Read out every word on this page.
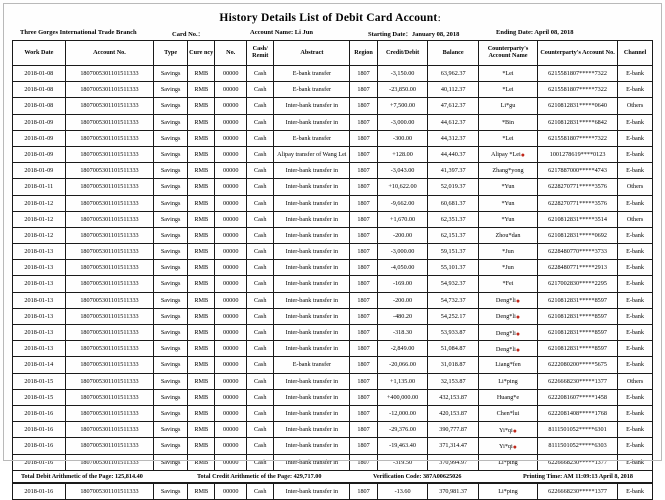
History Details List of Debit Card Account：
Three Gorges International Trade Branch	Card No.：	Account Name: Li Jun	Starting Date：January 08, 2018	Ending Date: April 08, 2018
Work Date	Account No.	Type	Cure ncy	No.	Cash/ Remit	Abstract	Region	Credit/Debit	Balance	Counterparty's Account Name	Counterparty's Account No.	Channel
2018-01-08	1807005301101511333	Savings	RMB	00000	Cash	E-bank transfer	1807	-3,150.00	63,962.37	*Lei	6215581807*****7322	E-bank
2018-01-08	1807005301101511333	Savings	RMB	00000	Cash	E-bank transfer	1807	-23,850.00	40,112.37	*Lei	6215581807*****7322	E-bank
2018-01-08	1807005301101511333	Savings	RMB	00000	Cash	Inter-bank transfer in	1807	+7,500.00	47,612.37	Li*gu	6210812831*****0640	Others
2018-01-09	1807005301101511333	Savings	RMB	00000	Cash	Inter-bank transfer in	1807	-3,000.00	44,612.37	*Bin	6210812831*****6842	E-bank
2018-01-09	1807005301101511333	Savings	RMB	00000	Cash	E-bank transfer	1807	-300.00	44,312.37	*Lei	6215581807*****7322	E-bank
2018-01-09	1807005301101511333	Savings	RMB	00000	Cash	Alipay transfer of Wang Lei	1807	+128.00	44,440.37	Alipay *Lei●	1001278619****0123	E-bank
2018-01-09	1807005301101511333	Savings	RMB	00000	Cash	Inter-bank transfer in	1807	-3,043.00	41,397.37	Zhang*yong	6217887000*****4743	E-bank
2018-01-11	1807005301101511333	Savings	RMB	00000	Cash	Inter-bank transfer in	1807	+10,622.00	52,019.37	*Yun	6228270771*****3576	Others
2018-01-12	1807005301101511333	Savings	RMB	00000	Cash	Inter-bank transfer in	1807	-9,662.00	60,681.37	*Yun	6228270771*****3576	E-bank
2018-01-12	1807005301101511333	Savings	RMB	00000	Cash	Inter-bank transfer in	1807	+1,670.00	62,351.37	*Yun	6210812831*****3514	Others
2018-01-12	1807005301101511333	Savings	RMB	00000	Cash	Inter-bank transfer in	1807	-200.00	62,151.37	Zhou*dan	6210812831*****0692	E-bank
2018-01-13	1807005301101511333	Savings	RMB	00000	Cash	Inter-bank transfer in	1807	-3,000.00	59,151.37	*Jun	6228480770*****3733	E-bank
2018-01-13	1807005301101511333	Savings	RMB	00000	Cash	Inter-bank transfer in	1807	-4,050.00	55,101.37	*Jun	6228480771*****2913	E-bank
2018-01-13	1807005301101511333	Savings	RMB	00000	Cash	Inter-bank transfer in	1807	-169.00	54,932.37	*Fei	6217002830*****2295	E-bank
2018-01-13	1807005301101511333	Savings	RMB	00000	Cash	Inter-bank transfer in	1807	-200.00	54,732.37	Deng*li●	6210812831*****8597	E-bank
2018-01-13	1807005301101511333	Savings	RMB	00000	Cash	Inter-bank transfer in	1807	-480.20	54,252.17	Deng*li●	6210812831*****8597	E-bank
2018-01-13	1807005301101511333	Savings	RMB	00000	Cash	Inter-bank transfer in	1807	-318.30	53,933.87	Deng*li●	6210812831*****8597	E-bank
2018-01-13	1807005301101511333	Savings	RMB	00000	Cash	Inter-bank transfer in	1807	-2,849.00	51,084.87	Deng*li●	6210812831*****8597	E-bank
2018-01-14	1807005301101511333	Savings	RMB	00000	Cash	E-bank transfer	1807	-20,066.00	31,018.87	Liang*fen	6222080200*****5675	E-bank
2018-01-15	1807005301101511333	Savings	RMB	00000	Cash	Inter-bank transfer in	1807	+1,135.00	32,153.87	Li*ping	6226668230*****1377	Others
2018-01-15	1807005301101511333	Savings	RMB	00000	Cash	Inter-bank transfer in	1807	+400,000.00	432,153.87	Huang*e	6222081607*****1458	E-bank
2018-01-16	1807005301101511333	Savings	RMB	00000	Cash	Inter-bank transfer in	1807	-12,000.00	420,153.87	Chen*lui	6222081408*****1768	E-bank
2018-01-16	1807005301101511333	Savings	RMB	00000	Cash	Inter-bank transfer in	1807	-29,376.00	390,777.87	Yi*qi●	8111501052*****6301	E-bank
2018-01-16	1807005301101511333	Savings	RMB	00000	Cash	Inter-bank transfer in	1807	-19,463.40	371,314.47	Yi*qi●	8111501052*****6303	E-bank
2018-01-16	1807005301101511333	Savings	RMB	00000	Cash	Inter-bank transfer in	1807	-319.50	370,994.97	Li*ping	6226668230*****1377	E-bank
Total Debit Arithmetic of the Page: 125,814.40	Total Credit Arithmetic of the Page: 429,717.00	Verification Code: 387A00625026	Printing Time: AM 11:09:13 April 8, 2018
2018-01-16	1807005301101511333	Savings	RMB	00000	Cash	Inter-bank transfer in	1807	-13.60	370,981.37	Li*ping	6226668230*****1377	E-bank
